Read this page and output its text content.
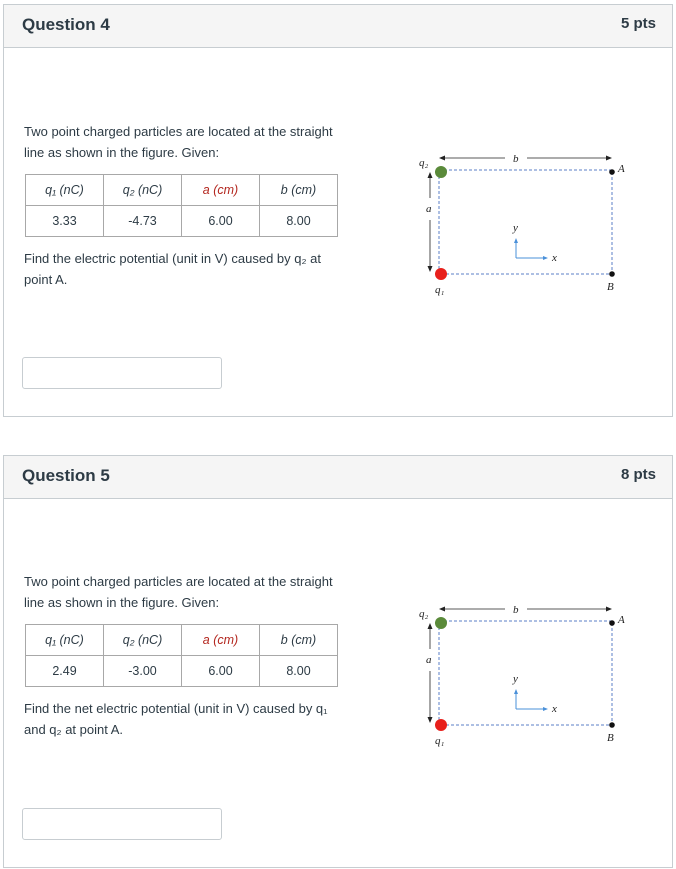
Question 4	5 pts
Two point charged particles are located at the straight
line as shown in the figure. Given:
q₁ (nC)	q₂ (nC)	a (cm)	b (cm)
3.33	-4.73	6.00	8.00
Find the electric potential (unit in V) caused by q₂ at
point A.
b
a
q₂
q₁
A
B
y
x
Question 5	8 pts
Two point charged particles are located at the straight
line as shown in the figure. Given:
q₁ (nC)	q₂ (nC)	a (cm)	b (cm)
2.49	-3.00	6.00	8.00
Find the net electric potential (unit in V) caused by q₁
and q₂ at point A.
b
a
q₂
q₁
A
B
y
x
